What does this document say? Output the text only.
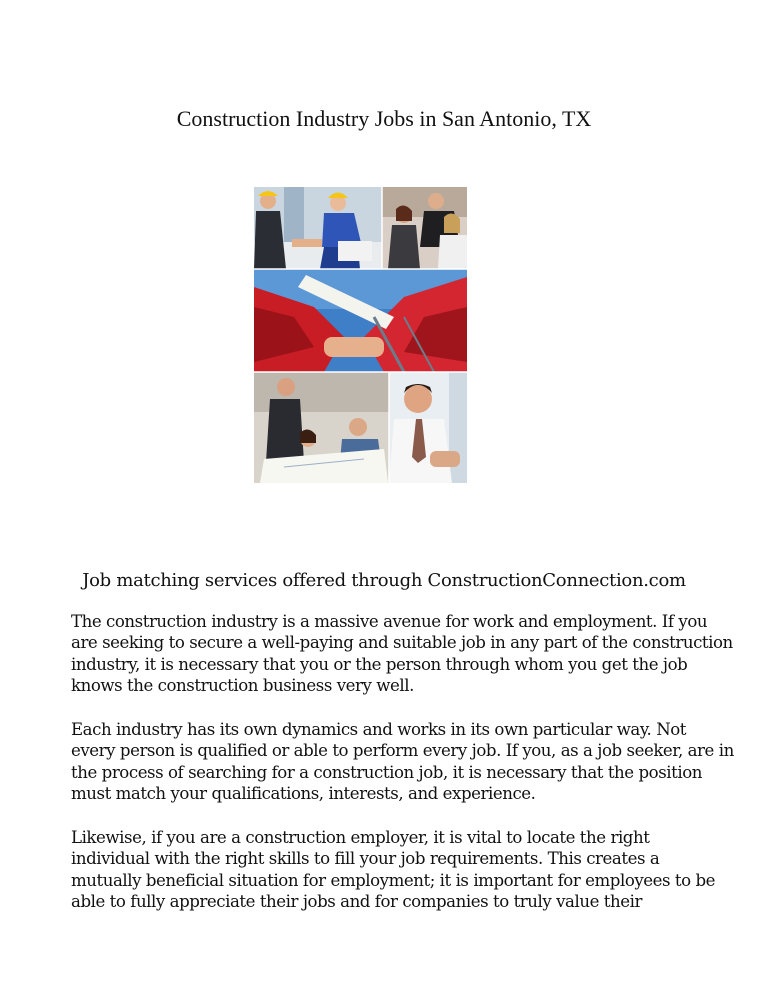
Construction Industry Jobs in San Antonio, TX
Job matching services offered through ConstructionConnection.com
The construction industry is a massive avenue for work and employment. If you
are seeking to secure a well-paying and suitable job in any part of the construction
industry, it is necessary that you or the person through whom you get the job
knows the construction business very well.
Each industry has its own dynamics and works in its own particular way. Not
every person is qualified or able to perform every job. If you, as a job seeker, are in
the process of searching for a construction job, it is necessary that the position
must match your qualifications, interests, and experience.
Likewise, if you are a construction employer, it is vital to locate the right
individual with the right skills to fill your job requirements. This creates a
mutually beneficial situation for employment; it is important for employees to be
able to fully appreciate their jobs and for companies to truly value their
